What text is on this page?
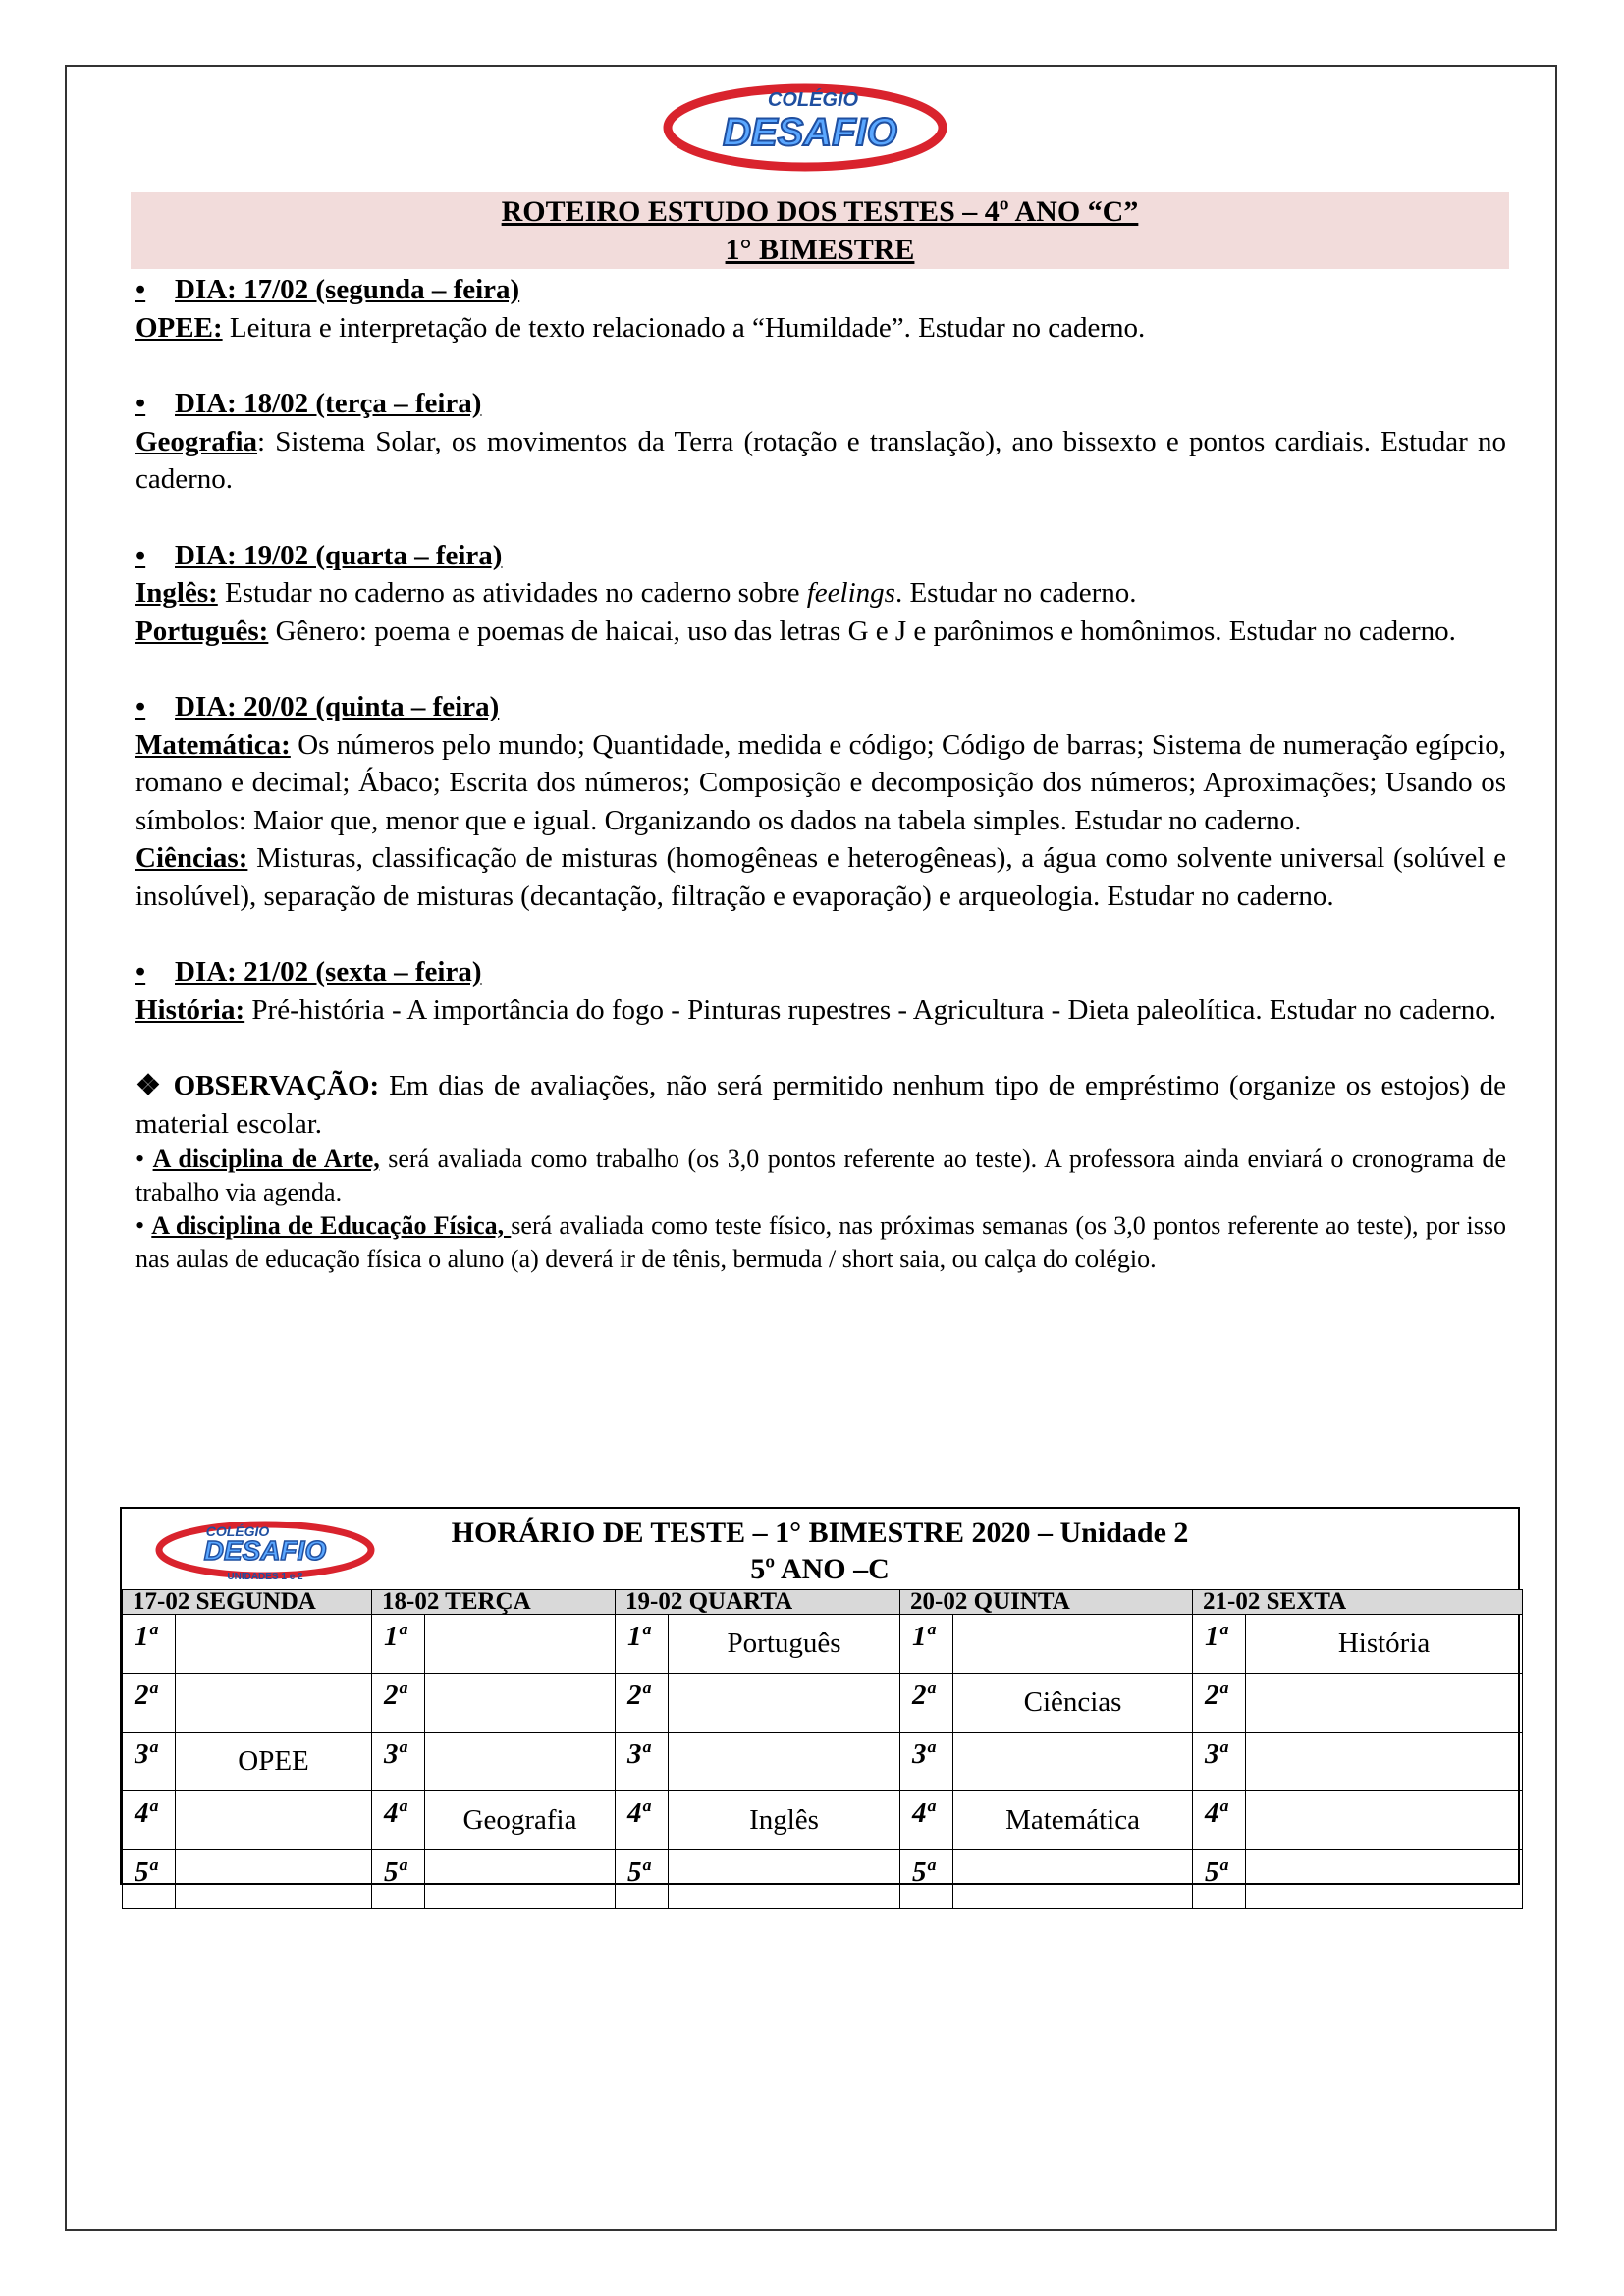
COLÉGIO
DESAFIO
ROTEIRO ESTUDO DOS TESTES – 4º ANO “C”
1° BIMESTRE

•	DIA: 17/02 (segunda – feira)

OPEE: Leitura e interpretação de texto relacionado a “Humildade”. Estudar no caderno.

•	DIA: 18/02 (terça – feira)

Geografia: Sistema Solar, os movimentos da Terra (rotação e translação), ano bissexto e pontos cardiais. Estudar no caderno.

•	DIA: 19/02 (quarta – feira)

Inglês: Estudar no caderno as atividades no caderno sobre feelings. Estudar no caderno.

Português: Gênero: poema e poemas de haicai, uso das letras G e J e parônimos e homônimos. Estudar no caderno.

•	DIA: 20/02 (quinta – feira)

Matemática: Os números pelo mundo; Quantidade, medida e código; Código de barras; Sistema de numeração egípcio, romano e decimal; Ábaco; Escrita dos números; Composição e decomposição dos números; Aproximações; Usando os símbolos: Maior que, menor que e igual. Organizando os dados na tabela simples. Estudar no caderno.

Ciências: Misturas, classificação de misturas (homogêneas e heterogêneas), a água como solvente universal (solúvel e insolúvel), separação de misturas (decantação, filtração e evaporação) e arqueologia. Estudar no caderno.

•	DIA: 21/02 (sexta – feira)

História: Pré-história - A importância do fogo - Pinturas rupestres - Agricultura - Dieta paleolítica. Estudar no caderno.

❖ OBSERVAÇÃO: Em dias de avaliações, não será permitido nenhum tipo de empréstimo (organize os estojos) de material escolar.

• A disciplina de Arte, será avaliada como trabalho (os 3,0 pontos referente ao teste). A professora ainda enviará o cronograma de trabalho via agenda.

• A disciplina de Educação Física, será avaliada como teste físico, nas próximas semanas (os 3,0 pontos referente ao teste), por isso nas aulas de educação física o aluno (a) deverá ir de tênis, bermuda / short saia, ou calça do colégio.

COLÉGIO
DESAFIO
UNIDADES 1 e 2
HORÁRIO DE TESTE – 1° BIMESTRE 2020 – Unidade 2
5º ANO –C
17-02 SEGUNDA		18-02 TERÇA		19-02 QUARTA		20-02 QUINTA		21-02 SEXTA	
1ª		1ª		1ª	Português	1ª		1ª	História
2ª		2ª		2ª		2ª	Ciências	2ª	
3ª	OPEE	3ª		3ª		3ª		3ª	
4ª		4ª	Geografia	4ª	Inglês	4ª	Matemática	4ª	
5ª		5ª		5ª		5ª		5ª	
